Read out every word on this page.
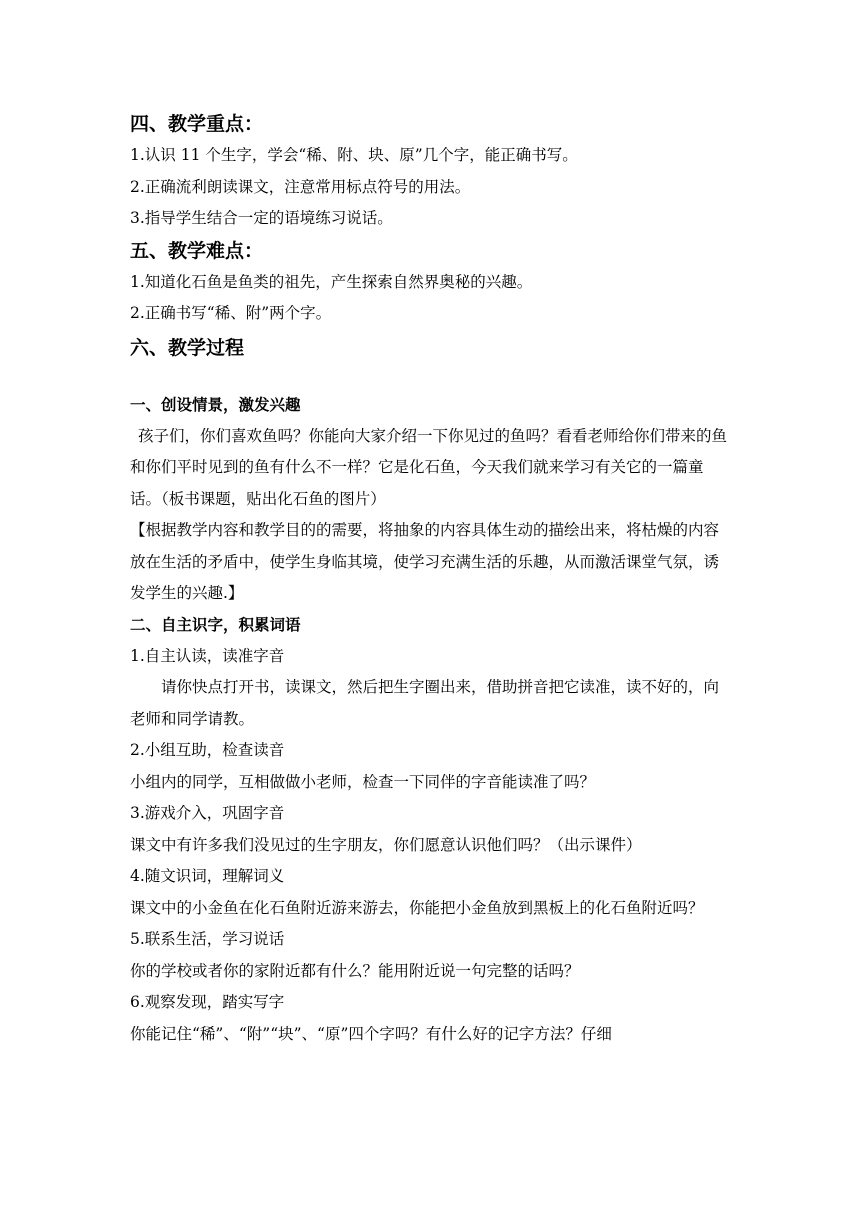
四、教学重点：

1.认识 11 个生字，学会“稀、附、块、原”几个字，能正确书写。

2.正确流利朗读课文，注意常用标点符号的用法。

3.指导学生结合一定的语境练习说话。

五、教学难点：

1.知道化石鱼是鱼类的祖先，产生探索自然界奥秘的兴趣。

2.正确书写“稀、附”两个字。

六、教学过程
一、创设情景，激发兴趣

孩子们，你们喜欢鱼吗？你能向大家介绍一下你见过的鱼吗？看看老师给你们带来的鱼和你们平时见到的鱼有什么不一样？它是化石鱼，今天我们就来学习有关它的一篇童话。（板书课题，贴出化石鱼的图片）

【根据教学内容和教学目的的需要，将抽象的内容具体生动的描绘出来，将枯燥的内容放在生活的矛盾中，使学生身临其境，使学习充满生活的乐趣，从而激活课堂气氛，诱发学生的兴趣.】

二、自主识字，积累词语

1.自主认读，读准字音

请你快点打开书，读课文，然后把生字圈出来，借助拼音把它读准，读不好的，向老师和同学请教。

2.小组互助，检查读音

小组内的同学，互相做做小老师，检查一下同伴的字音能读准了吗？

3.游戏介入，巩固字音

课文中有许多我们没见过的生字朋友，你们愿意认识他们吗？（出示课件）

4.随文识词，理解词义

课文中的小金鱼在化石鱼附近游来游去，你能把小金鱼放到黑板上的化石鱼附近吗？

5.联系生活，学习说话

你的学校或者你的家附近都有什么？能用附近说一句完整的话吗？

6.观察发现，踏实写字

你能记住“稀”、“附”“块”、“原”四个字吗？有什么好的记字方法？仔细
